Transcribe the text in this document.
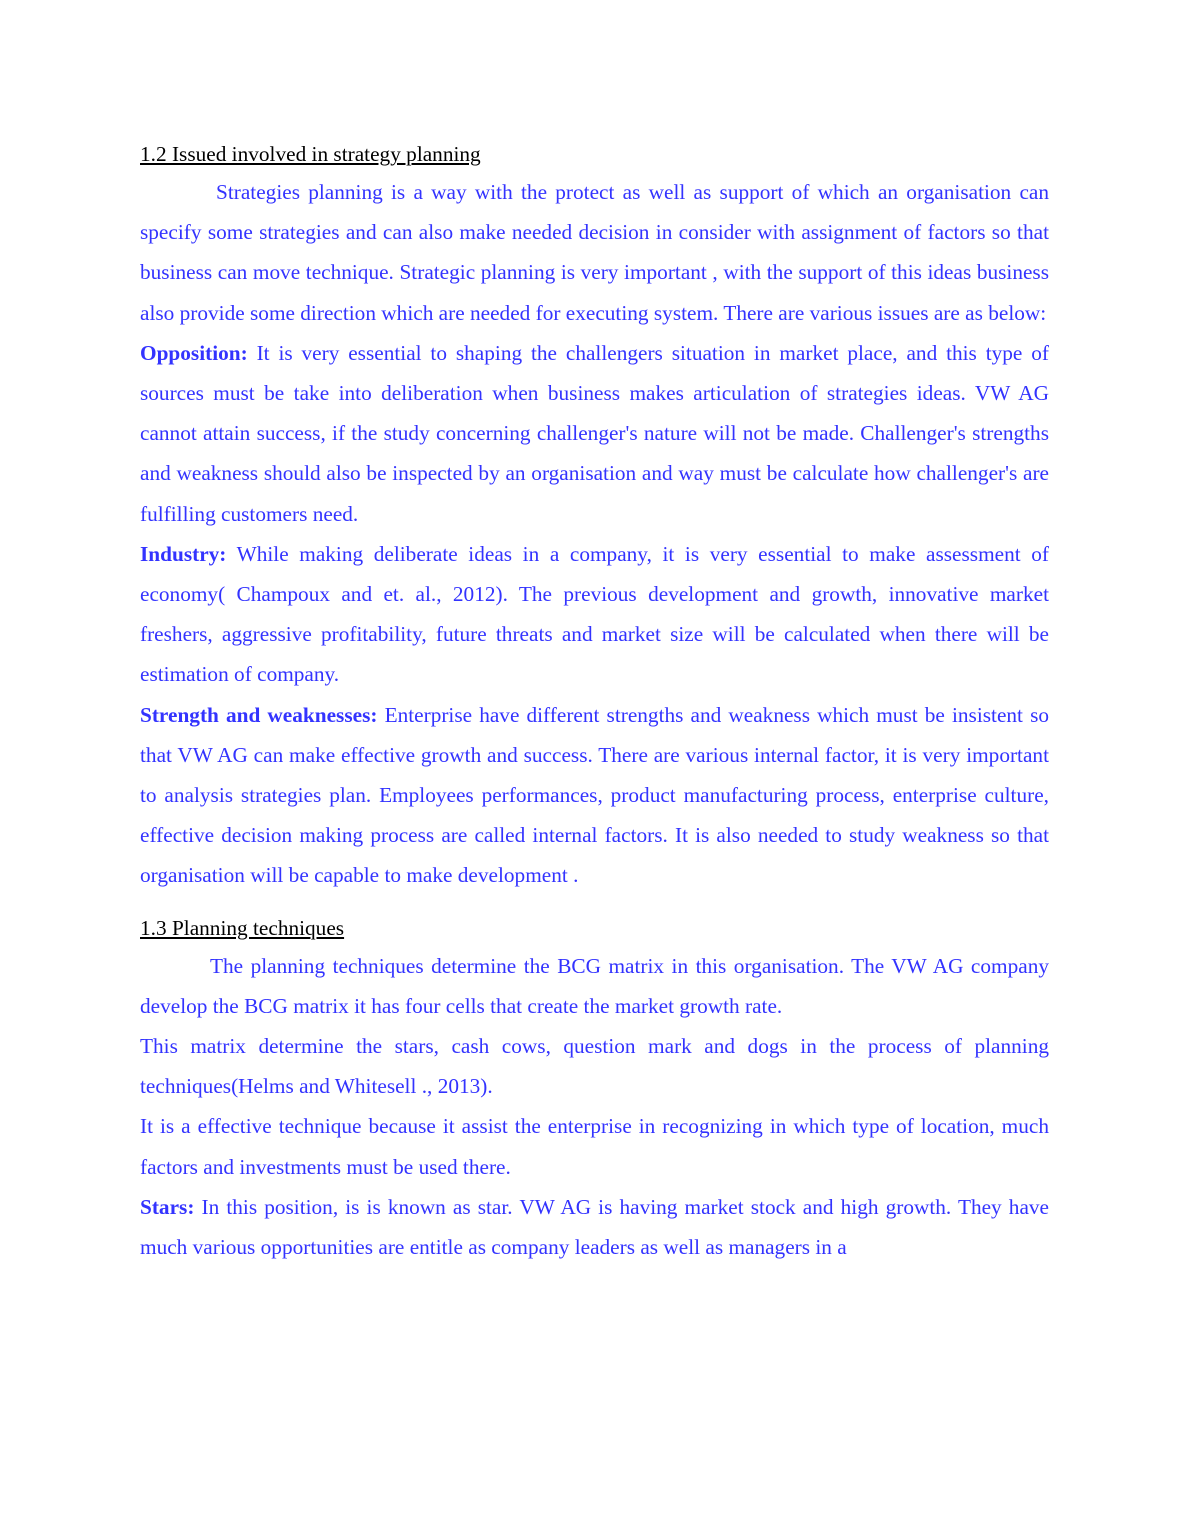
1.2 Issued involved in strategy planning

Strategies planning is a way with the protect as well as support of which an organisation can specify some strategies and can also make needed decision in consider with assignment of factors so that business can move technique. Strategic planning is very important , with the support of this ideas business also provide some direction which are needed for executing system. There are various issues are as below:

Opposition: It is very essential to shaping the challengers situation in market place, and this type of sources must be take into deliberation when business makes articulation of strategies ideas. VW AG cannot attain success, if the study concerning challenger's nature will not be made. Challenger's strengths and weakness should also be inspected by an organisation and way must be calculate how challenger's are fulfilling customers need.

Industry: While making deliberate ideas in a company, it is very essential to make assessment of economy( Champoux and et. al., 2012). The previous development and growth, innovative market freshers, aggressive profitability, future threats and market size will be calculated when there will be estimation of company.

Strength and weaknesses: Enterprise have different strengths and weakness which must be insistent so that VW AG can make effective growth and success. There are various internal factor, it is very important to analysis strategies plan. Employees performances, product manufacturing process, enterprise culture, effective decision making process are called internal factors. It is also needed to study weakness so that organisation will be capable to make development .

1.3 Planning techniques

The planning techniques determine the BCG matrix in this organisation. The VW AG company develop the BCG matrix it has four cells that create the market growth rate.

This matrix determine the stars, cash cows, question mark and dogs in the process of planning techniques(Helms and Whitesell ., 2013).

It is a effective technique because it assist the enterprise in recognizing in which type of location, much factors and investments must be used there.

Stars: In this position, is is known as star. VW AG is having market stock and high growth. They have much various opportunities are entitle as company leaders as well as managers in a
